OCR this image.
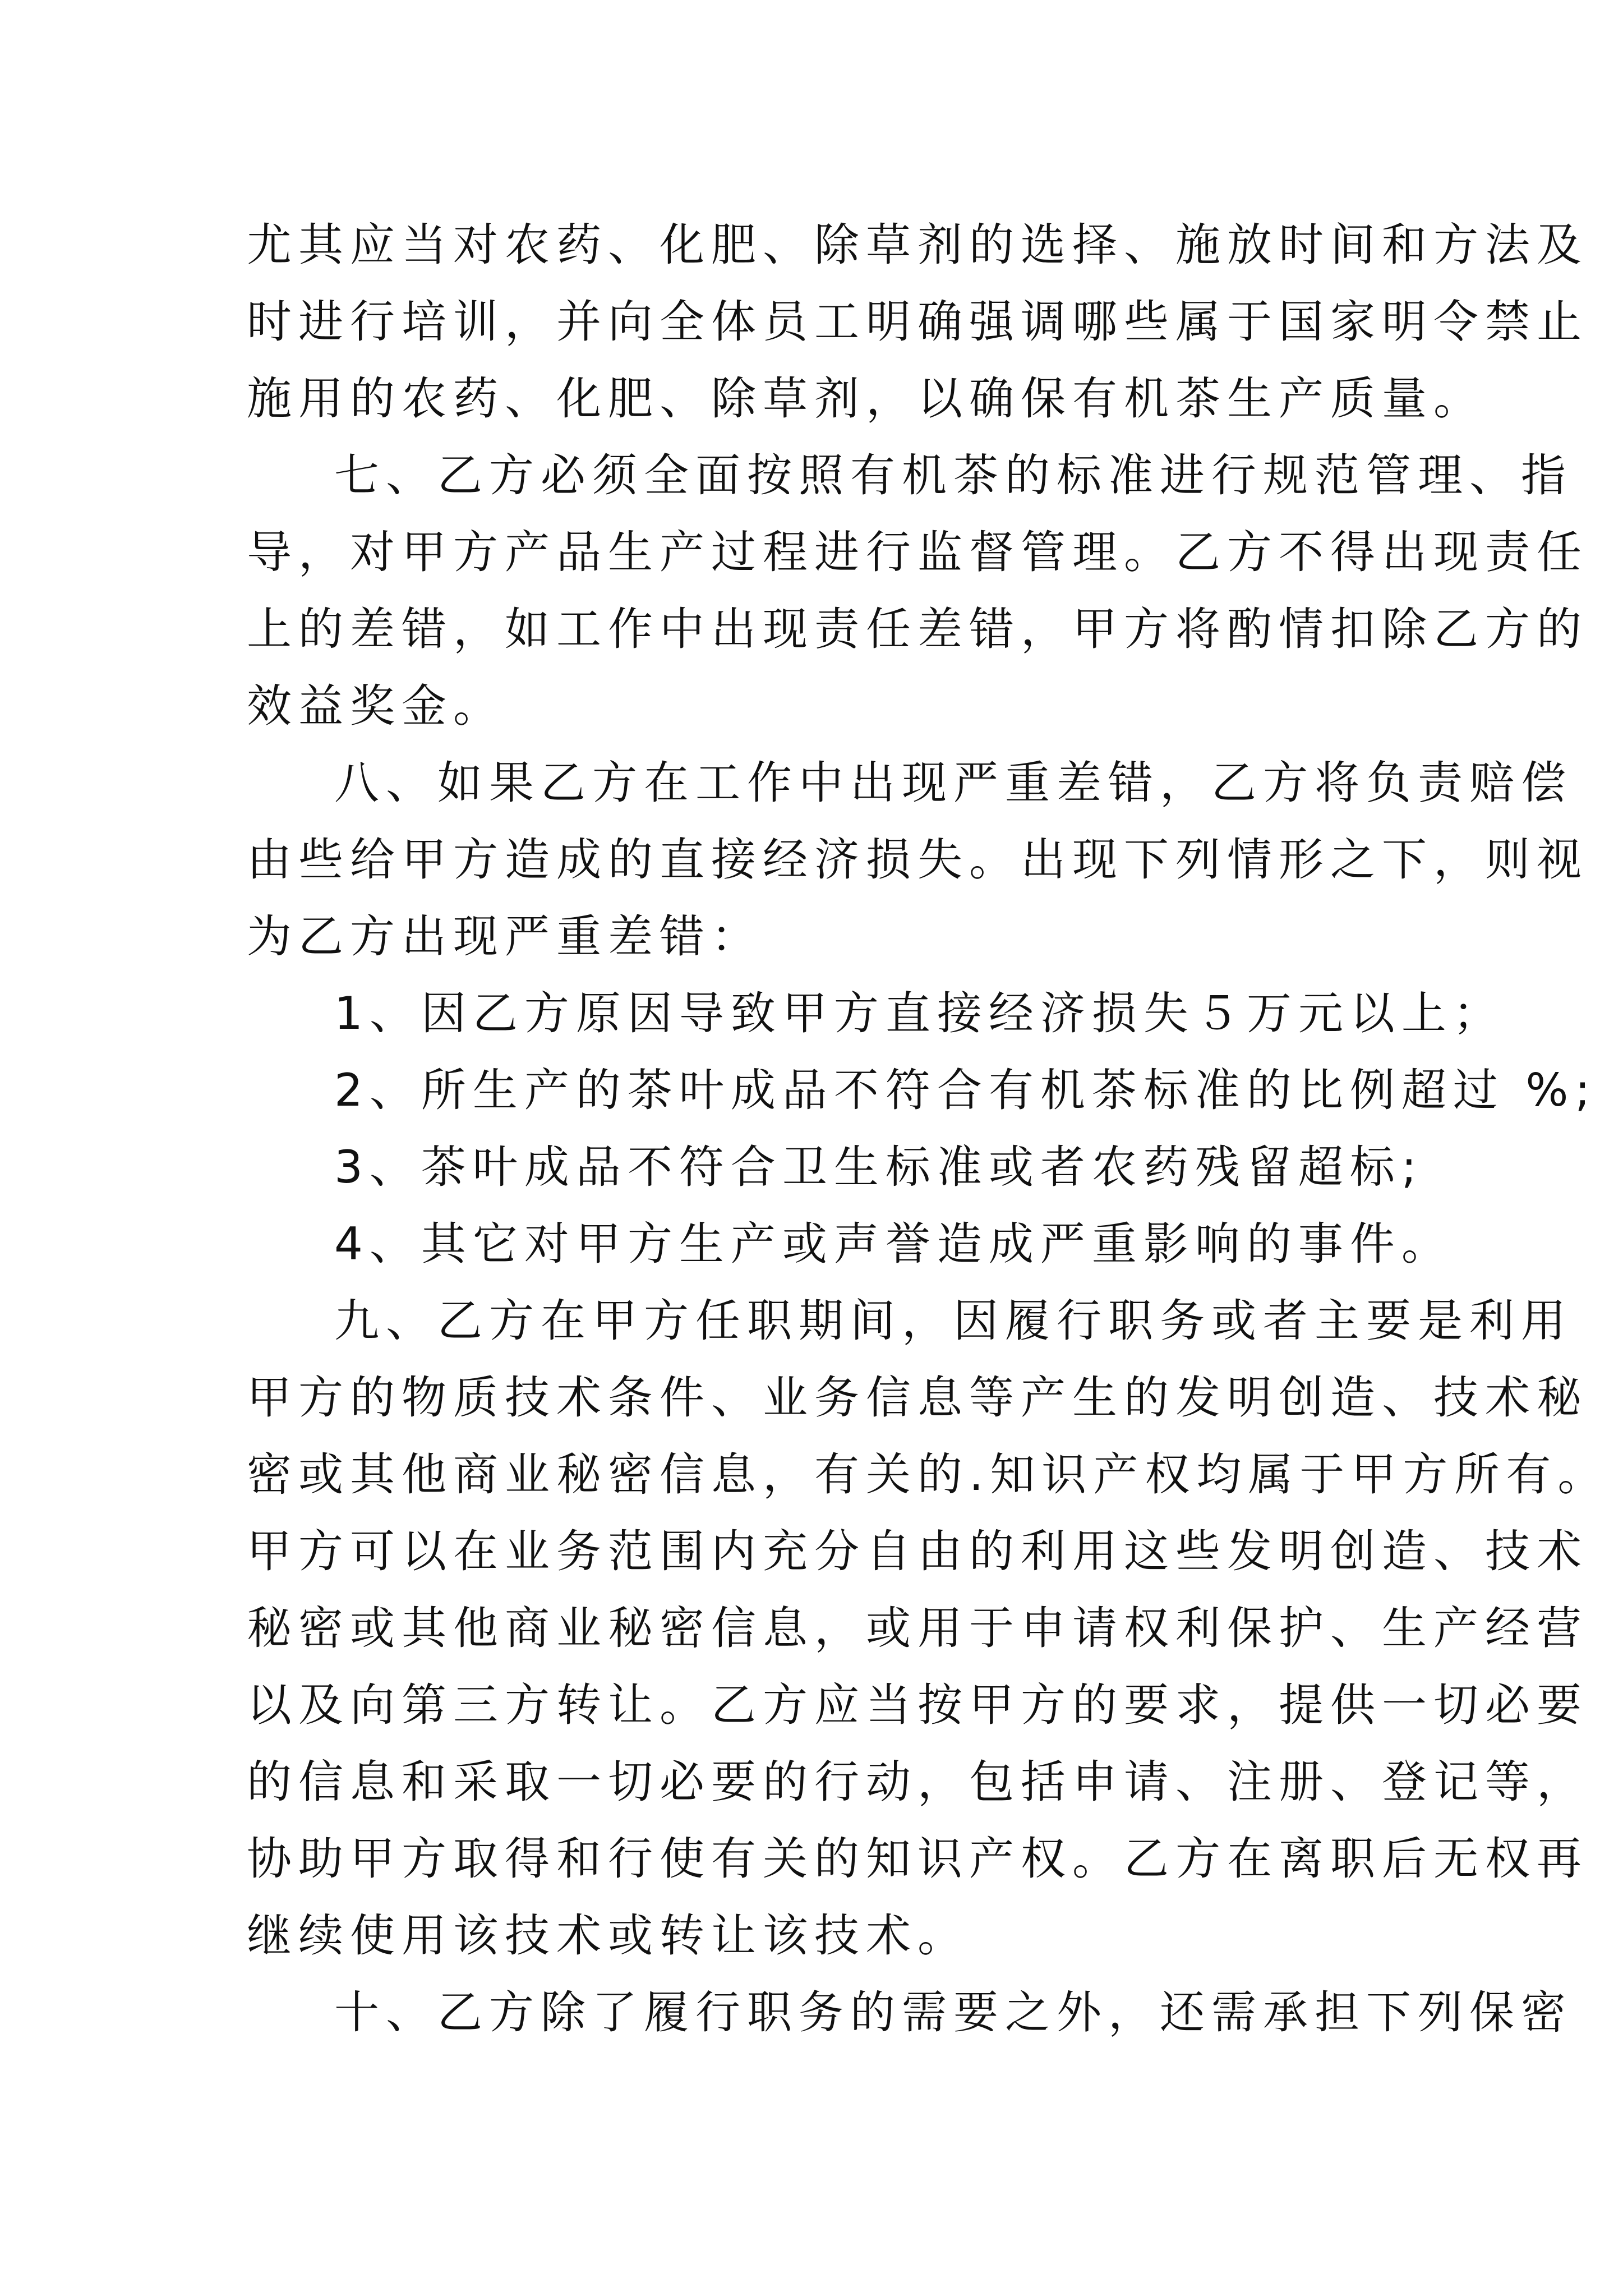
尤其应当对农药、化肥、除草剂的选择、施放时间和方法及
时进行培训，并向全体员工明确强调哪些属于国家明令禁止
施用的农药、化肥、除草剂，以确保有机茶生产质量。
七、乙方必须全面按照有机茶的标准进行规范管理、指
导，对甲方产品生产过程进行监督管理。乙方不得出现责任
上的差错，如工作中出现责任差错，甲方将酌情扣除乙方的
效益奖金。
八、如果乙方在工作中出现严重差错，乙方将负责赔偿
由些给甲方造成的直接经济损失。出现下列情形之下，则视
为乙方出现严重差错：
1、因乙方原因导致甲方直接经济损失５万元以上；
2、所生产的茶叶成品不符合有机茶标准的比例超过 %;
3、茶叶成品不符合卫生标准或者农药残留超标;
4、其它对甲方生产或声誉造成严重影响的事件。
九、乙方在甲方任职期间，因履行职务或者主要是利用
甲方的物质技术条件、业务信息等产生的发明创造、技术秘
密或其他商业秘密信息，有关的.知识产权均属于甲方所有。
甲方可以在业务范围内充分自由的利用这些发明创造、技术
秘密或其他商业秘密信息，或用于申请权利保护、生产经营
以及向第三方转让。乙方应当按甲方的要求，提供一切必要
的信息和采取一切必要的行动，包括申请、注册、登记等，
协助甲方取得和行使有关的知识产权。乙方在离职后无权再
继续使用该技术或转让该技术。
十、乙方除了履行职务的需要之外，还需承担下列保密
